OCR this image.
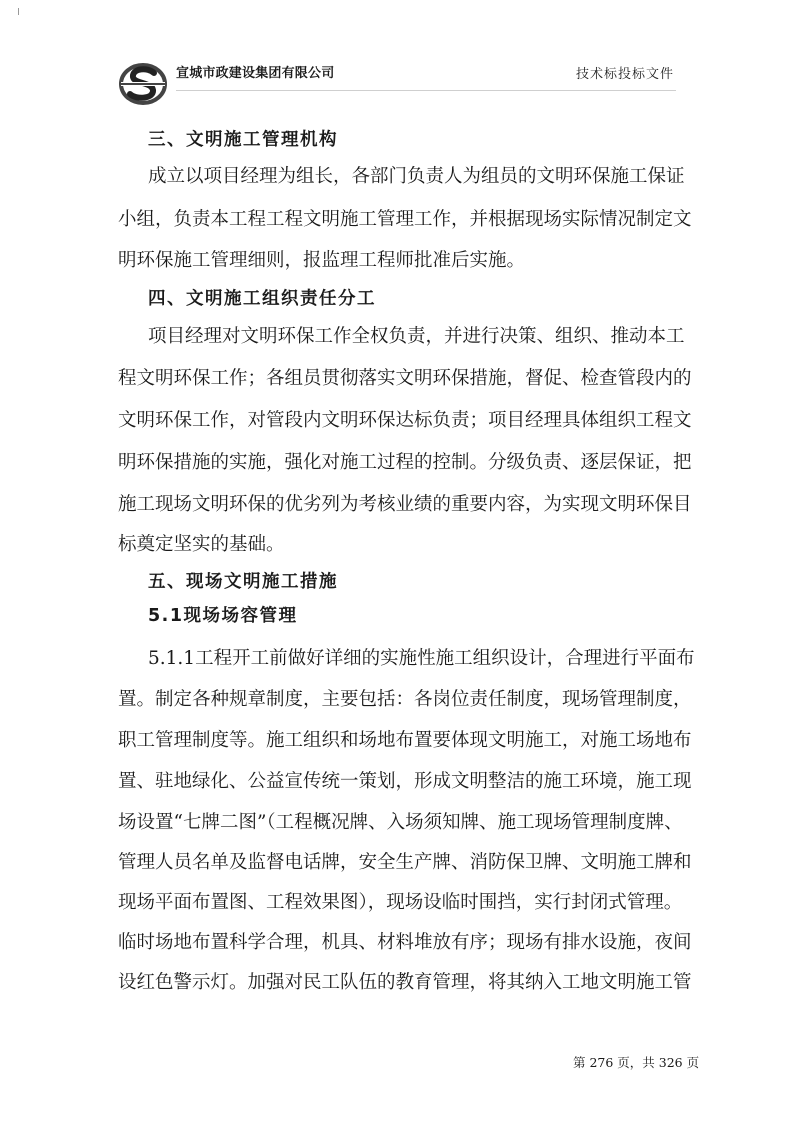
宣城市政建设集团有限公司	技术标投标文件
三、文明施工管理机构
成立以项目经理为组长，各部门负责人为组员的文明环保施工保证
小组，负责本工程工程文明施工管理工作，并根据现场实际情况制定文
明环保施工管理细则，报监理工程师批准后实施。
四、文明施工组织责任分工
项目经理对文明环保工作全权负责，并进行决策、组织、推动本工
程文明环保工作；各组员贯彻落实文明环保措施，督促、检查管段内的
文明环保工作，对管段内文明环保达标负责；项目经理具体组织工程文
明环保措施的实施，强化对施工过程的控制。分级负责、逐层保证，把
施工现场文明环保的优劣列为考核业绩的重要内容，为实现文明环保目
标奠定坚实的基础。
五、现场文明施工措施
5.1现场场容管理
5.1.1工程开工前做好详细的实施性施工组织设计，合理进行平面布
置。制定各种规章制度，主要包括：各岗位责任制度，现场管理制度，
职工管理制度等。施工组织和场地布置要体现文明施工，对施工场地布
置、驻地绿化、公益宣传统一策划，形成文明整洁的施工环境，施工现
场设置“七牌二图”（工程概况牌、入场须知牌、施工现场管理制度牌、
管理人员名单及监督电话牌，安全生产牌、消防保卫牌、文明施工牌和
现场平面布置图、工程效果图），现场设临时围挡，实行封闭式管理。
临时场地布置科学合理，机具、材料堆放有序；现场有排水设施，夜间
设红色警示灯。加强对民工队伍的教育管理，将其纳入工地文明施工管
第 276 页，共 326 页
